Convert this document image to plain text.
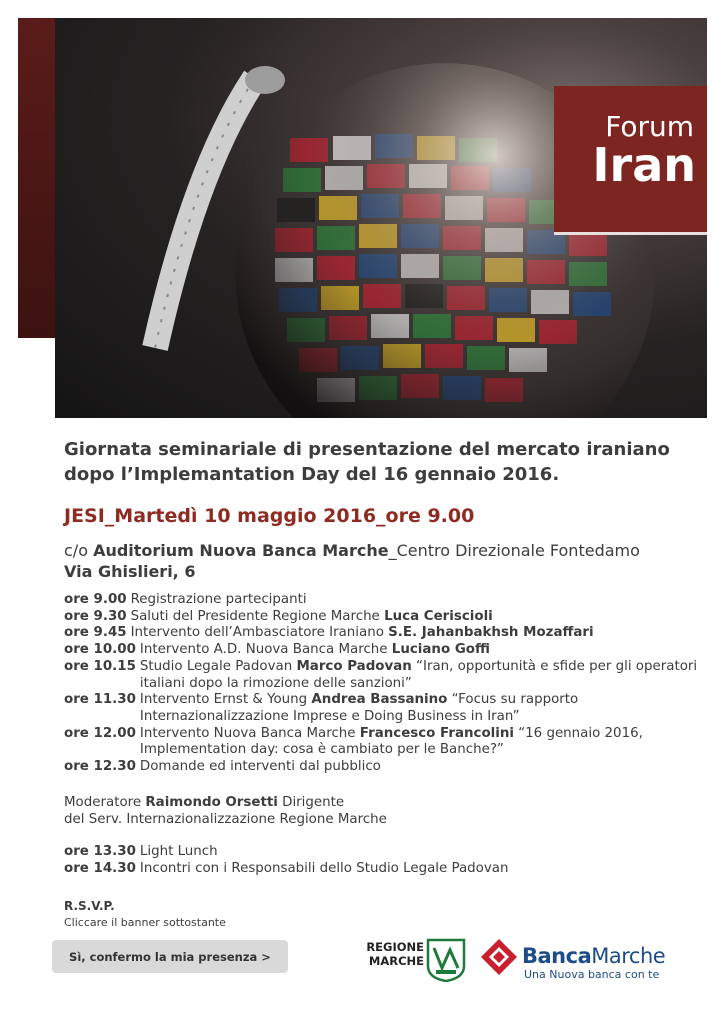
Forum
Iran
Giornata seminariale di presentazione del mercato iraniano
dopo l’Implemantation Day del 16 gennaio 2016.
JESI_Martedì 10 maggio 2016_ore 9.00
c/o Auditorium Nuova Banca Marche_Centro Direzionale Fontedamo
Via Ghislieri, 6
ore 9.00 Registrazione partecipanti
ore 9.30 Saluti del Presidente Regione Marche Luca Ceriscioli
ore 9.45 Intervento dell’Ambasciatore Iraniano S.E. Jahanbakhsh Mozaffari
ore 10.00 Intervento A.D. Nuova Banca Marche Luciano Goffi
ore 10.15 Studio Legale Padovan Marco Padovan “Iran, opportunità e sfide per gli operatori italiani dopo la rimozione delle sanzioni”
ore 11.30 Intervento Ernst & Young Andrea Bassanino “Focus su rapporto Internazionalizzazione Imprese e Doing Business in Iran”
ore 12.00 Intervento Nuova Banca Marche Francesco Francolini “16 gennaio 2016, Implementation day: cosa è cambiato per le Banche?”
ore 12.30 Domande ed interventi dal pubblico
Moderatore Raimondo Orsetti Dirigente
del Serv. Internazionalizzazione Regione Marche
ore 13.30 Light Lunch
ore 14.30 Incontri con i Responsabili dello Studio Legale Padovan
R.S.V.P.
Cliccare il banner sottostante
Sì, confermo la mia presenza >
REGIONE
MARCHE	BancaMarche
Una Nuova banca con te
